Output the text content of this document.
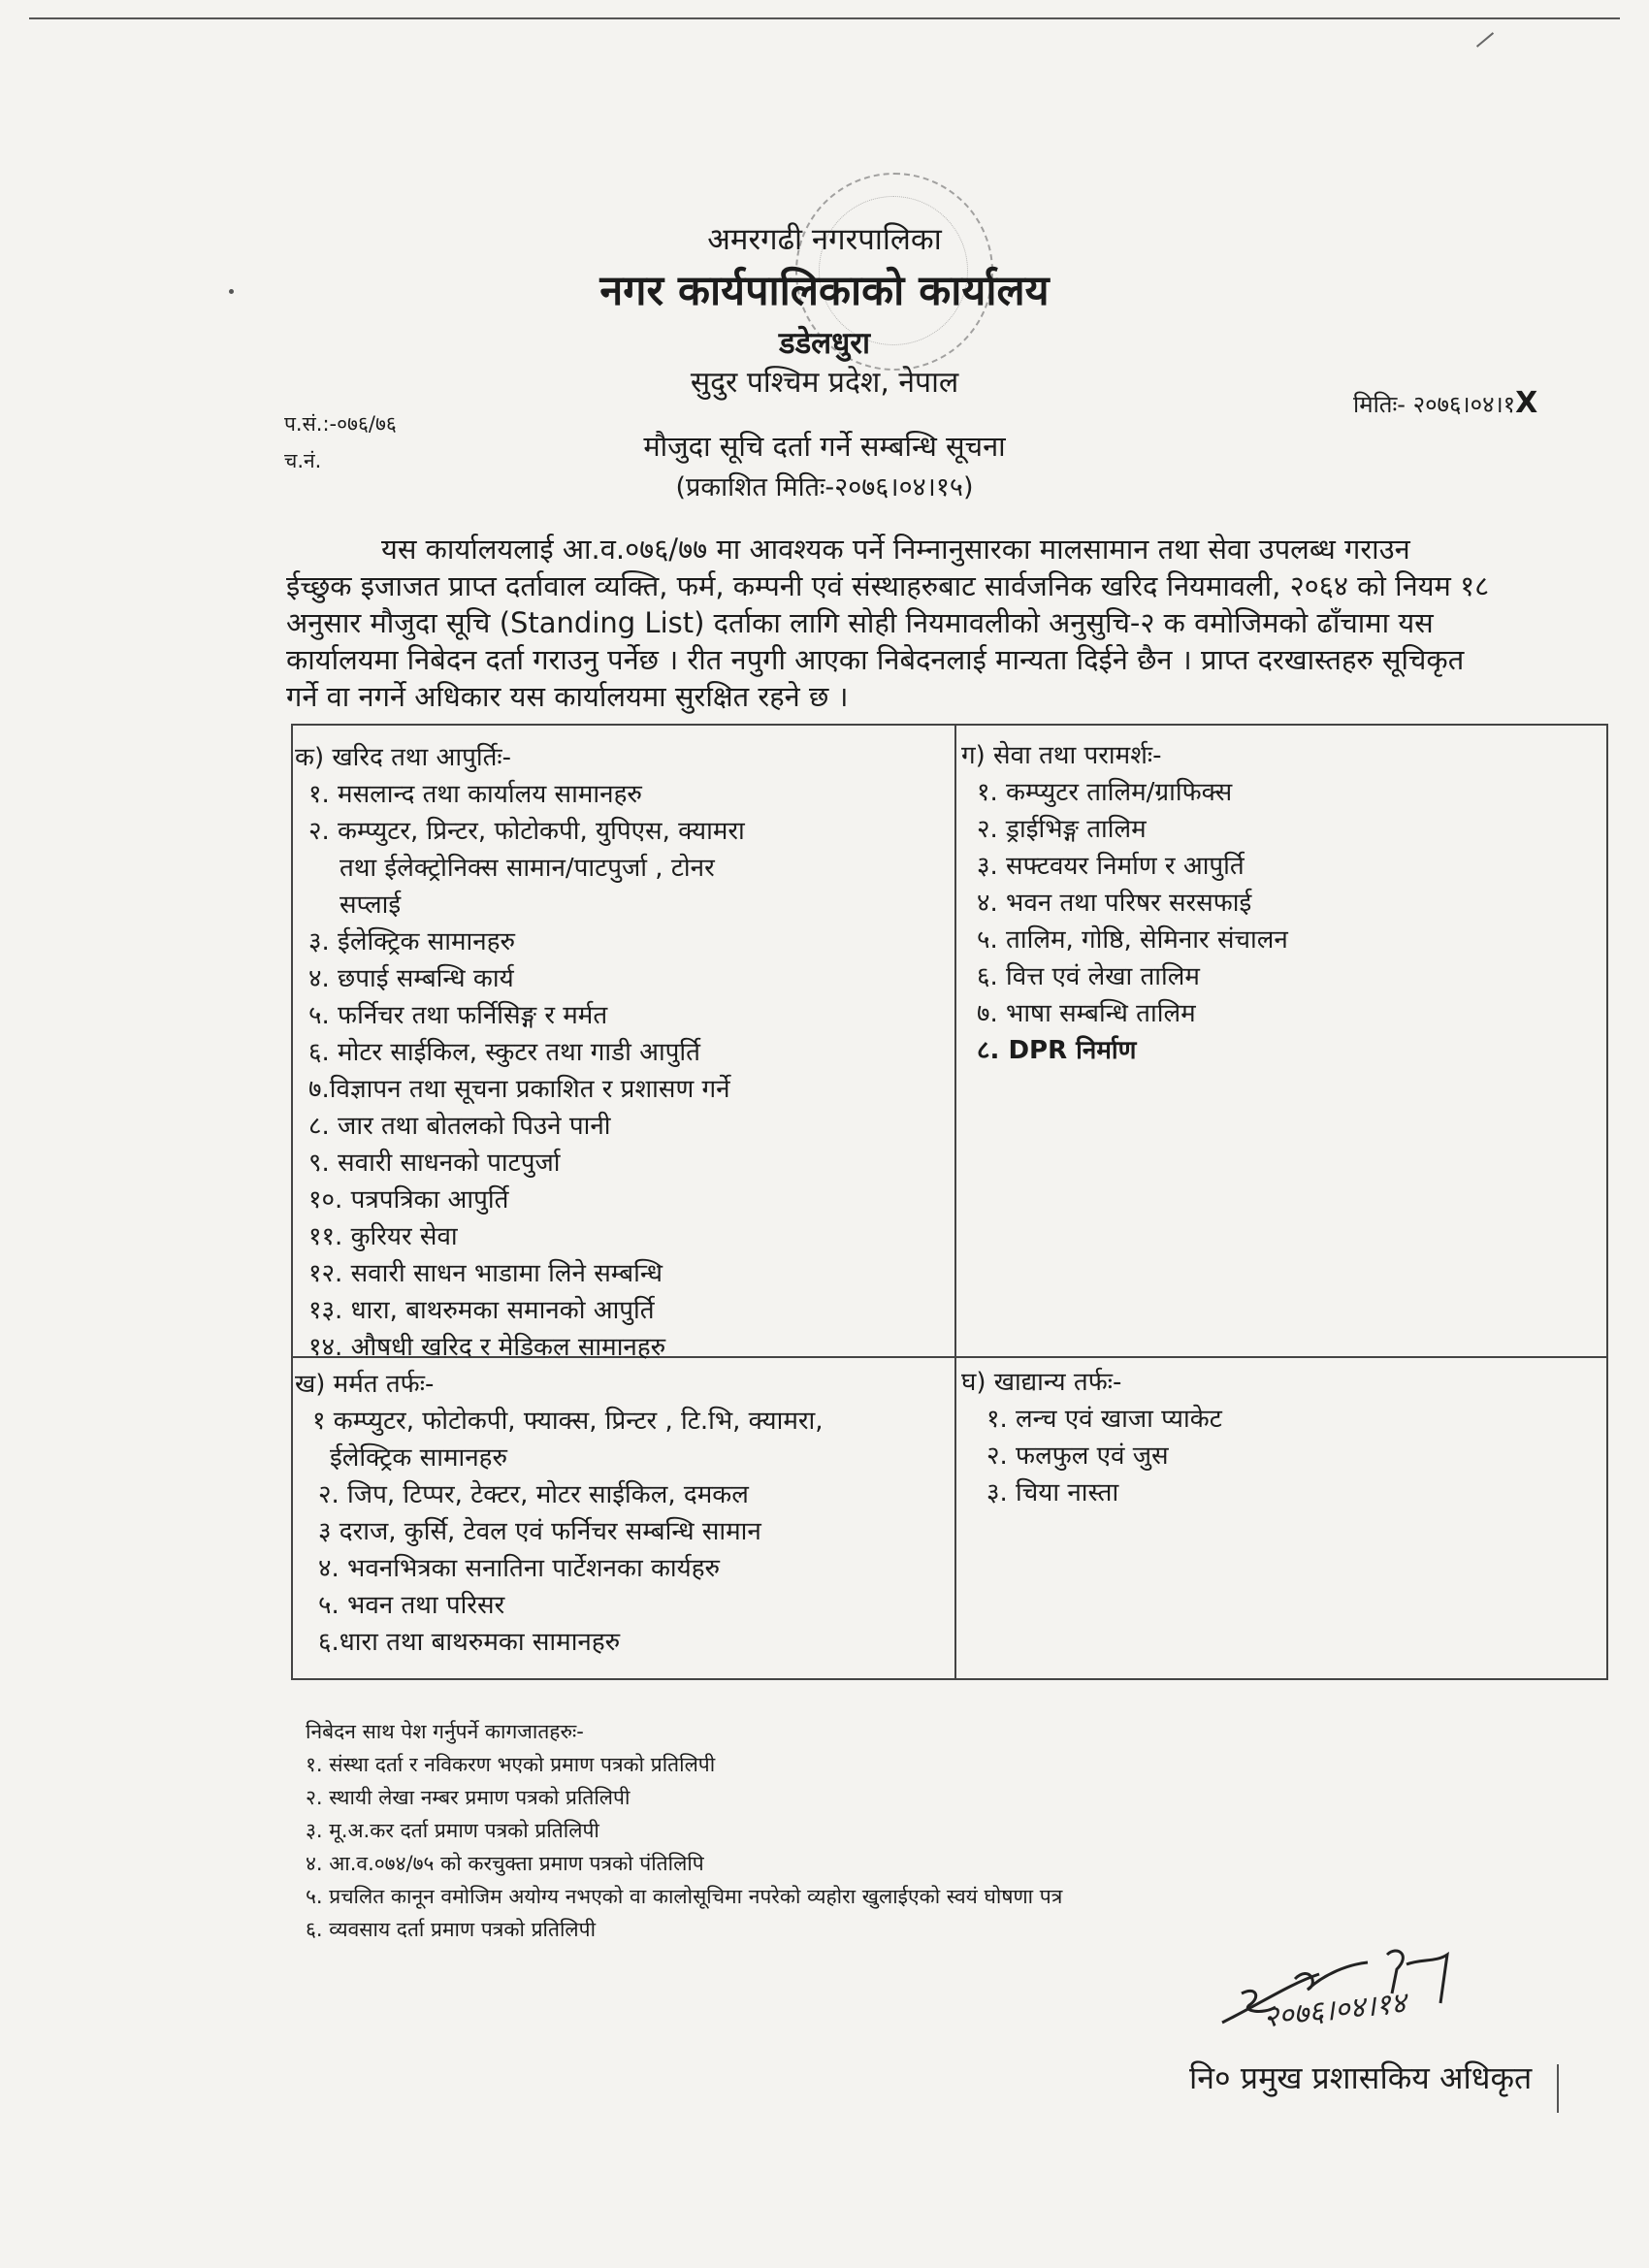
अमरगढी नगरपालिका
नगर कार्यपालिकाको कार्यालय
डडेलधुरा
सुदुर पश्चिम प्रदेश, नेपाल
प.सं.:-०७६/७६
च.नं.
मितिः- २०७६।०४।१X
मौजुदा सूचि दर्ता गर्ने सम्बन्धि सूचना
(प्रकाशित मितिः-२०७६।०४।१५)
यस कार्यालयलाई आ.व.०७६/७७ मा आवश्यक पर्ने निम्नानुसारका मालसामान तथा सेवा उपलब्ध गराउन
ईच्छुक इजाजत प्राप्त दर्तावाल व्यक्ति, फर्म, कम्पनी एवं संस्थाहरुबाट सार्वजनिक खरिद नियमावली, २०६४ को नियम १८
अनुसार मौजुदा सूचि (Standing List) दर्ताका लागि सोही नियमावलीको अनुसुचि-२ क वमोजिमको ढाँचामा यस
कार्यालयमा निबेदन दर्ता गराउनु पर्नेछ । रीत नपुगी आएका निबेदनलाई मान्यता दिईने छैन । प्राप्त दरखास्तहरु सूचिकृत
गर्ने वा नगर्ने अधिकार यस कार्यालयमा सुरक्षित रहने छ ।
क) खरिद तथा आपुर्तिः-
१. मसलान्द तथा कार्यालय सामानहरु
२. कम्प्युटर, प्रिन्टर, फोटोकपी, युपिएस, क्यामरा
तथा ईलेक्ट्रोनिक्स सामान/पाटपुर्जा , टोनर
सप्लाई
३. ईलेक्ट्रिक सामानहरु
४. छपाई सम्बन्धि कार्य
५. फर्निचर तथा फर्निसिङ्ग र मर्मत
६. मोटर साईकिल, स्कुटर तथा गाडी आपुर्ति
७.विज्ञापन तथा सूचना प्रकाशित र प्रशासण गर्ने
८. जार तथा बोतलको पिउने पानी
९. सवारी साधनको पाटपुर्जा
१०. पत्रपत्रिका आपुर्ति
११. कुरियर सेवा
१२. सवारी साधन भाडामा लिने सम्बन्धि
१३. धारा, बाथरुमका समानको आपुर्ति
१४. औषधी खरिद र मेडिकल सामानहरु
ग) सेवा तथा परामर्शः-
१. कम्प्युटर तालिम/ग्राफिक्स
२. ड्राईभिङ्ग तालिम
३. सफ्टवयर निर्माण र आपुर्ति
४. भवन तथा परिषर सरसफाई
५. तालिम, गोष्ठि, सेमिनार संचालन
६. वित्त एवं लेखा तालिम
७. भाषा सम्बन्धि तालिम
८. DPR निर्माण
ख) मर्मत तर्फः-
१ कम्प्युटर, फोटोकपी, फ्याक्स, प्रिन्टर , टि.भि, क्यामरा,
ईलेक्ट्रिक सामानहरु
२. जिप, टिप्पर, टेक्टर, मोटर साईकिल, दमकल
३ दराज, कुर्सि, टेवल एवं फर्निचर सम्बन्धि सामान
४. भवनभित्रका सनातिना पार्टेशनका कार्यहरु
५. भवन तथा परिसर
६.धारा तथा बाथरुमका सामानहरु
घ) खाद्यान्य तर्फः-
१. लन्च एवं खाजा प्याकेट
२. फलफुल एवं जुस
३. चिया नास्ता
निबेदन साथ पेश गर्नुपर्ने कागजातहरुः-
१. संस्था दर्ता र नविकरण भएको प्रमाण पत्रको प्रतिलिपी
२. स्थायी लेखा नम्बर प्रमाण पत्रको प्रतिलिपी
३. मू.अ.कर दर्ता प्रमाण पत्रको प्रतिलिपी
४. आ.व.०७४/७५ को करचुक्ता प्रमाण पत्रको पंतिलिपि
५. प्रचलित कानून वमोजिम अयोग्य नभएको वा कालोसूचिमा नपरेको व्यहोरा खुलाईएको स्वयं घोषणा पत्र
६. व्यवसाय दर्ता प्रमाण पत्रको प्रतिलिपी
२०७६।०४।१४
नि० प्रमुख प्रशासकिय अधिकृत
